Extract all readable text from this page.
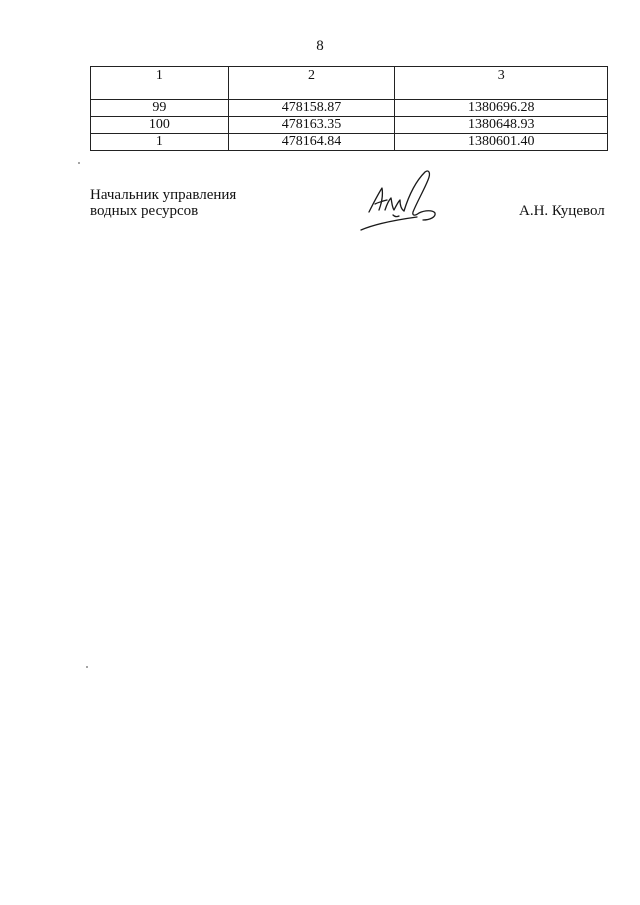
8
1	2	3
99	478158.87	1380696.28
100	478163.35	1380648.93
1	478164.84	1380601.40
Начальник управления
водных ресурсов	А.Н. Куцевол
